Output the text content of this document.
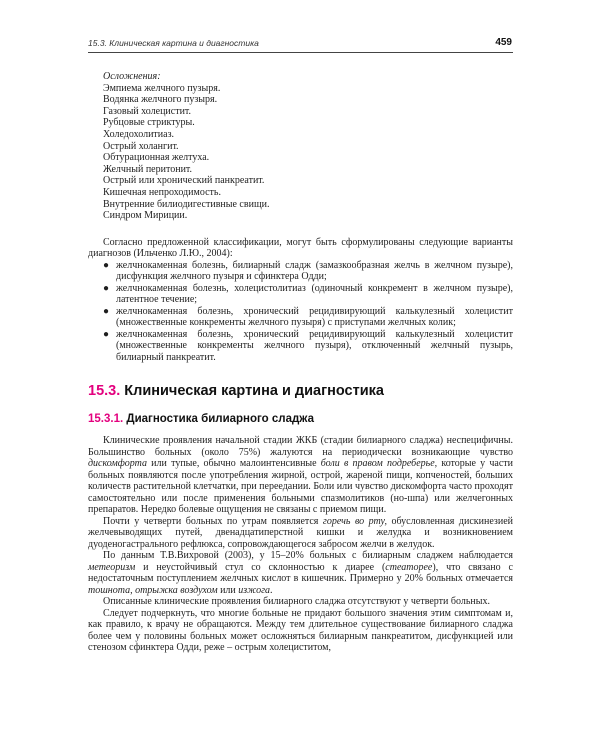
15.3. Клиническая картина и диагностика	459
Осложнения:
Эмпиема желчного пузыря.
Водянка желчного пузыря.
Газовый холецистит.
Рубцовые стриктуры.
Холедохолитиаз.
Острый холангит.
Обтурационная желтуха.
Желчный перитонит.
Острый или хронический панкреатит.
Кишечная непроходимость.
Внутренние билиодигестивные свищи.
Синдром Мириции.

Согласно предложенной классификации, могут быть сформулированы следующие варианты диагнозов (Ильченко Л.Ю., 2004):

● желчнокаменная болезнь, билиарный сладж (замазкообразная желчь в желчном пузыре), дисфункция желчного пузыря и сфинктера Одди;
● желчнокаменная болезнь, холецистолитиаз (одиночный конкремент в желчном пузыре), латентное течение;
● желчнокаменная болезнь, хронический рецидивирующий калькулезный холецистит (множественные конкременты желчного пузыря) с приступами желчных колик;
● желчнокаменная болезнь, хронический рецидивирующий калькулезный холецистит (множественные конкременты желчного пузыря), отключенный желчный пузырь, билиарный панкреатит.
15.3. Клиническая картина и диагностика
15.3.1. Диагностика билиарного сладжа

Клинические проявления начальной стадии ЖКБ (стадии билиарного сладжа) неспецифичны. Большинство больных (около 75%) жалуются на периодически возникающие чувство дискомфорта или тупые, обычно малоинтенсивные боли в правом подреберье, которые у части больных появляются после употребления жирной, острой, жареной пищи, копченостей, больших количеств растительной клетчатки, при переедании. Боли или чувство дискомфорта часто проходят самостоятельно или после применения больными спазмолитиков (но-шпа) или желчегонных препаратов. Нередко болевые ощущения не связаны с приемом пищи.

Почти у четверти больных по утрам появляется горечь во рту, обусловленная дискинезией желчевыводящих путей, двенадцатиперстной кишки и желудка и возникновением дуоденогастрального рефлюкса, сопровождающегося забросом желчи в желудок.

По данным Т.В.Вихровой (2003), у 15–20% больных с билиарным сладжем наблюдается метеоризм и неустойчивый стул со склонностью к диарее (стеаторее), что связано с недостаточным поступлением желчных кислот в кишечник. Примерно у 20% больных отмечается тошнота, отрыжка воздухом или изжога.

Описанные клинические проявления билиарного сладжа отсутствуют у четверти больных.

Следует подчеркнуть, что многие больные не придают большого значения этим симптомам и, как правило, к врачу не обращаются. Между тем длительное существование билиарного сладжа более чем у половины больных может осложняться билиарным панкреатитом, дисфункцией или стенозом сфинктера Одди, реже – острым холециститом,
